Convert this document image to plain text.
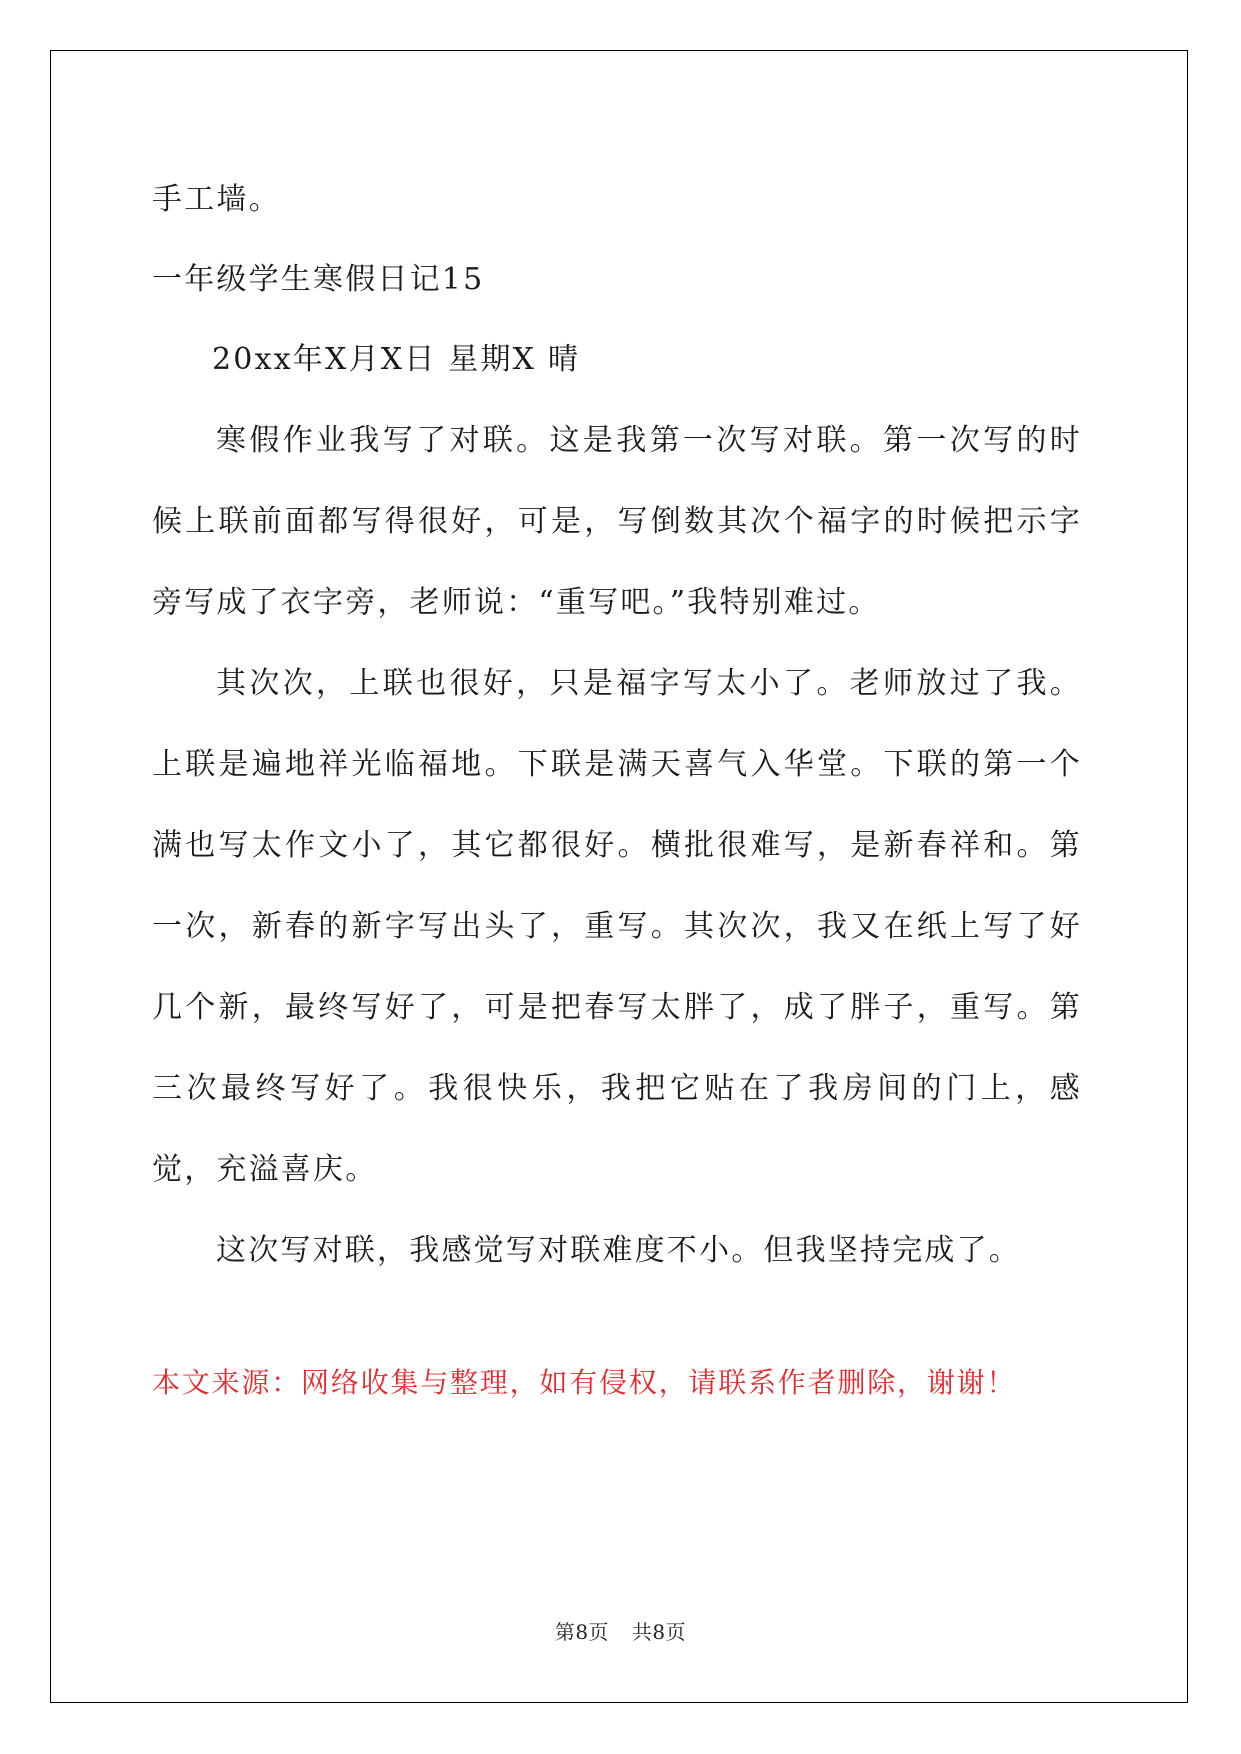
手工墙。

一年级学生寒假日记15

20xx年X月X日 星期X 晴

寒假作业我写了对联。这是我第一次写对联。第一次写的时候上联前面都写得很好，可是，写倒数其次个福字的时候把示字旁写成了衣字旁，老师说：“重写吧。”我特别难过。

其次次，上联也很好，只是福字写太小了。老师放过了我。上联是遍地祥光临福地。下联是满天喜气入华堂。下联的第一个满也写太作文小了，其它都很好。横批很难写，是新春祥和。第一次，新春的新字写出头了，重写。其次次，我又在纸上写了好几个新，最终写好了，可是把春写太胖了，成了胖子，重写。第三次最终写好了。我很快乐，我把它贴在了我房间的门上，感觉，充溢喜庆。

这次写对联，我感觉写对联难度不小。但我坚持完成了。

本文来源：网络收集与整理，如有侵权，请联系作者删除，谢谢！

第8页 共8页
